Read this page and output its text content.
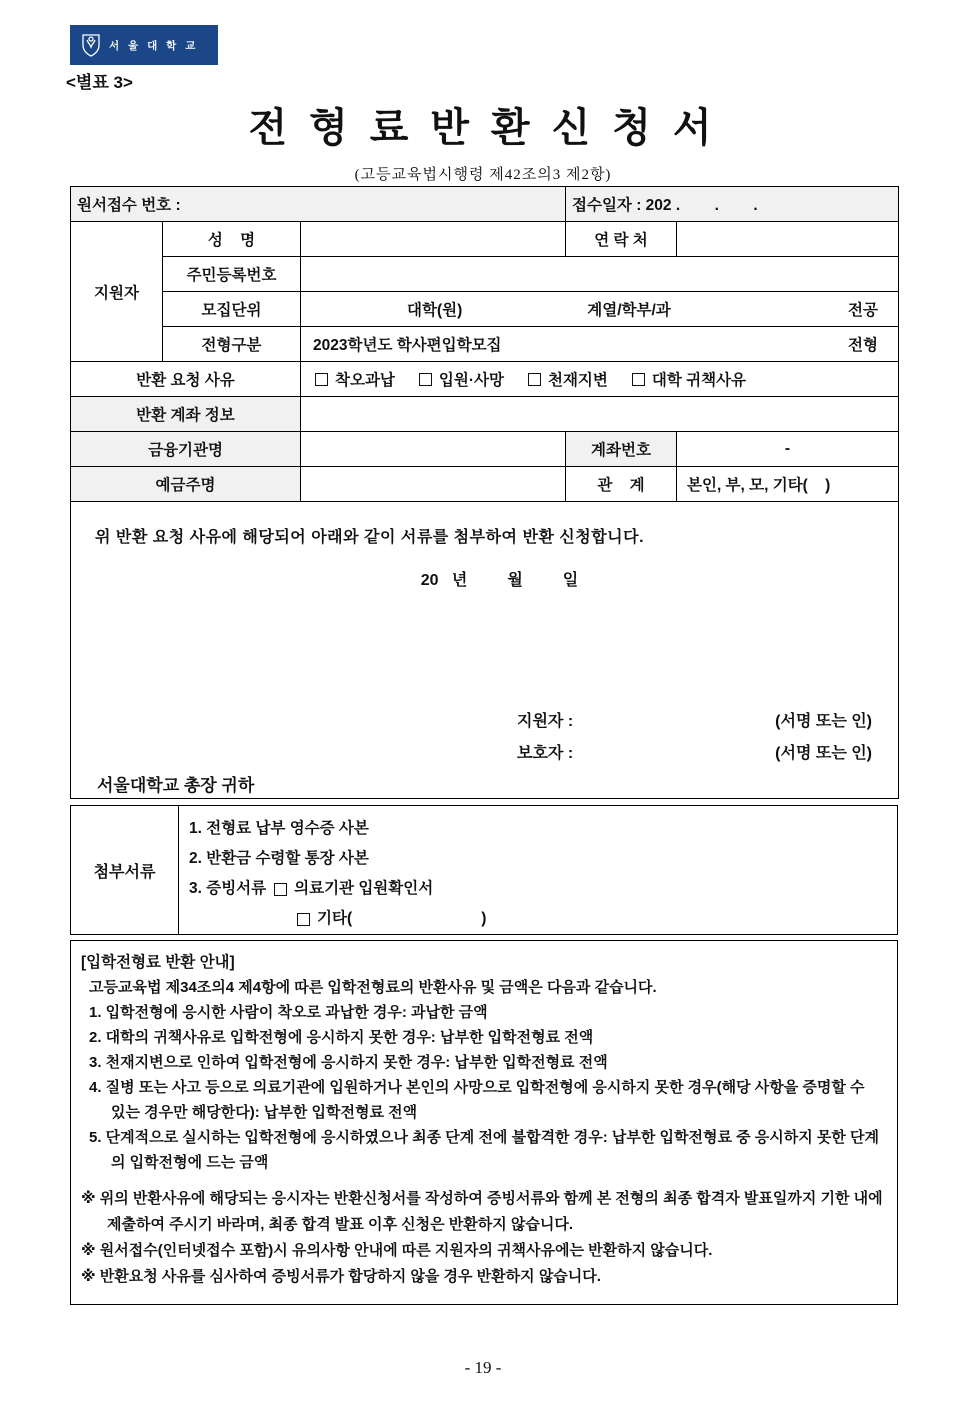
서 울 대 학 교
<별표 3>
전 형 료 반 환 신 청 서
(고등교육법시행령 제42조의3 제2항)
원서접수 번호 :			접수일자 : 202 .        .        .	
지원자	성    명		연 락 처	
	주민등록번호			
	모집단위	대학(원) 계열/학부/과 전공		

	전형구분	2023학년도 학사편입학모집 전형		

반환 요청 사유		착오과납 입원·사망 천재지변 대학 귀책사유		

반환 계좌 정보				
금융기관명			계좌번호	-
예금주명			관    계	본인, 부, 모, 기타(    )

위 반환 요청 사유에 해당되어 아래와 같이 서류를 첨부하여 반환 신청합니다.
20   년         월         일
지원자 :	(서명 또는 인)
보호자 :	(서명 또는 인)
서울대학교 총장 귀하
첨부서류
1. 전형료 납부 영수증 사본
2. 반환금 수령할 통장 사본
3. 증빙서류 의료기관 입원확인서
기타(                              )
[입학전형료 반환 안내]
고등교육법 제34조의4 제4항에 따른 입학전형료의 반환사유 및 금액은 다음과 같습니다.
1. 입학전형에 응시한 사람이 착오로 과납한 경우: 과납한 금액
2. 대학의 귀책사유로 입학전형에 응시하지 못한 경우: 납부한 입학전형료 전액
3. 천재지변으로 인하여 입학전형에 응시하지 못한 경우: 납부한 입학전형료 전액
4. 질병 또는 사고 등으로 의료기관에 입원하거나 본인의 사망으로 입학전형에 응시하지 못한 경우(해당 사항을 증명할 수 있는 경우만 해당한다): 납부한 입학전형료 전액
5. 단계적으로 실시하는 입학전형에 응시하였으나 최종 단계 전에 불합격한 경우: 납부한 입학전형료 중 응시하지 못한 단계의 입학전형에 드는 금액
※ 위의 반환사유에 해당되는 응시자는 반환신청서를 작성하여 증빙서류와 함께 본 전형의 최종 합격자 발표일까지 기한 내에 제출하여 주시기 바라며, 최종 합격 발표 이후 신청은 반환하지 않습니다.
※ 원서접수(인터넷접수 포함)시 유의사항 안내에 따른 지원자의 귀책사유에는 반환하지 않습니다.
※ 반환요청 사유를 심사하여 증빙서류가 합당하지 않을 경우 반환하지 않습니다.
- 19 -
